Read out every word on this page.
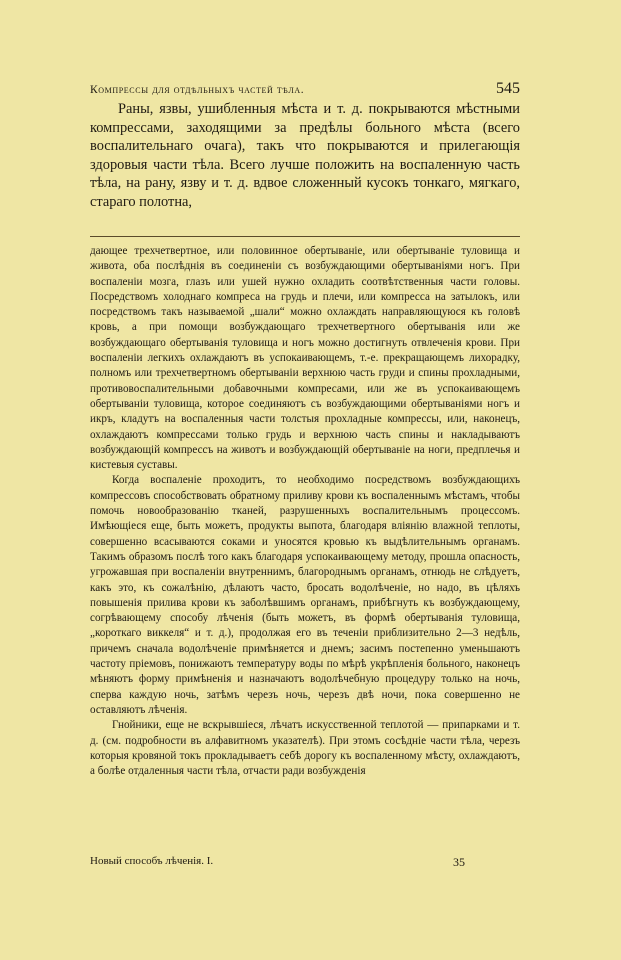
Компрессы для отдѣльныхъ частей тѣла.	545

Раны, язвы, ушибленныя мѣста и т. д. покрываются мѣстными компрессами, заходящими за предѣлы больного мѣста (всего воспалительнаго очага), такъ что покрываются и прилегающія здоровыя части тѣла. Всего лучше положить на воспаленную часть тѣла, на рану, язву и т. д. вдвое сложенный кусокъ тонкаго, мягкаго, стараго полотна,

дающее трехчетвертное, или половинное обертываніе, или обертываніе туловища и живота, оба послѣднія въ соединеніи съ возбуждающими обертываніями ногъ. При воспаленіи мозга, глазъ или ушей нужно охладить соотвѣтственныя части головы. Посредствомъ холоднаго компреса на грудь и плечи, или компресса на затылокъ, или посредствомъ такъ называемой „шали“ можно охлаждать направляющуюся къ головѣ кровь, а при помощи возбуждающаго трехчетвертного обертыванія или же возбуждающаго обертыванія туловища и ногъ можно достигнуть отвлеченія крови. При воспаленіи легкихъ охлаждаютъ въ успокаивающемъ, т.-е. прекращающемъ лихорадку, полномъ или трехчетвертномъ обертываніи верхнюю часть груди и спины прохладными, противовоспалительными добавочными компресами, или же въ успокаивающемъ обертываніи туловища, которое соединяютъ съ возбуждающими обертываніями ногъ и икръ, кладутъ на воспаленныя части толстыя прохладные компрессы, или, наконецъ, охлаждаютъ компрессами только грудь и верхнюю часть спины и накладываютъ возбуждающій компрессъ на животъ и возбуждающій обертываніе на ноги, предплечья и кистевыя суставы.

Когда воспаленіе проходитъ, то необходимо посредствомъ возбуждающихъ компрессовъ способствовать обратному приливу крови къ воспаленнымъ мѣстамъ, чтобы помочь новообразованію тканей, разрушенныхъ воспалительнымъ процессомъ. Имѣющіеся еще, быть можетъ, продукты выпота, благодаря вліянію влажной теплоты, совершенно всасываются соками и уносятся кровью къ выдѣлительнымъ органамъ. Такимъ образомъ послѣ того какъ благодаря успокаивающему методу, прошла опасность, угрожавшая при воспаленіи внутреннимъ, благороднымъ органамъ, отнюдь не слѣдуетъ, какъ это, къ сожалѣнію, дѣлаютъ часто, бросать водолѣченіе, но надо, въ цѣляхъ повышенія прилива крови къ заболѣвшимъ органамъ, прибѣгнуть къ возбуждающему, согрѣвающему способу лѣченія (быть можетъ, въ формѣ обертыванія туловища, „короткаго виккеля“ и т. д.), продолжая его въ теченіи приблизительно 2—3 недѣль, причемъ сначала водолѣченіе примѣняется и днемъ; засимъ постепенно уменьшаютъ частоту пріемовъ, понижаютъ температуру воды по мѣрѣ укрѣпленія больного, наконецъ мѣняютъ форму примѣненія и назначаютъ водолѣчебную процедуру только на ночь, сперва каждую ночь, затѣмъ черезъ ночь, черезъ двѣ ночи, пока совершенно не оставляютъ лѣченія.

Гнойники, еще не вскрывшіеся, лѣчатъ искусственной теплотой — припарками и т. д. (см. подробности въ алфавитномъ указателѣ). При этомъ сосѣдніе части тѣла, черезъ которыя кровяной токъ прокладываетъ себѣ дорогу къ воспаленному мѣсту, охлаждаютъ, а болѣе отдаленныя части тѣла, отчасти ради возбужденія

Новый способъ лѣченія. I.	35
